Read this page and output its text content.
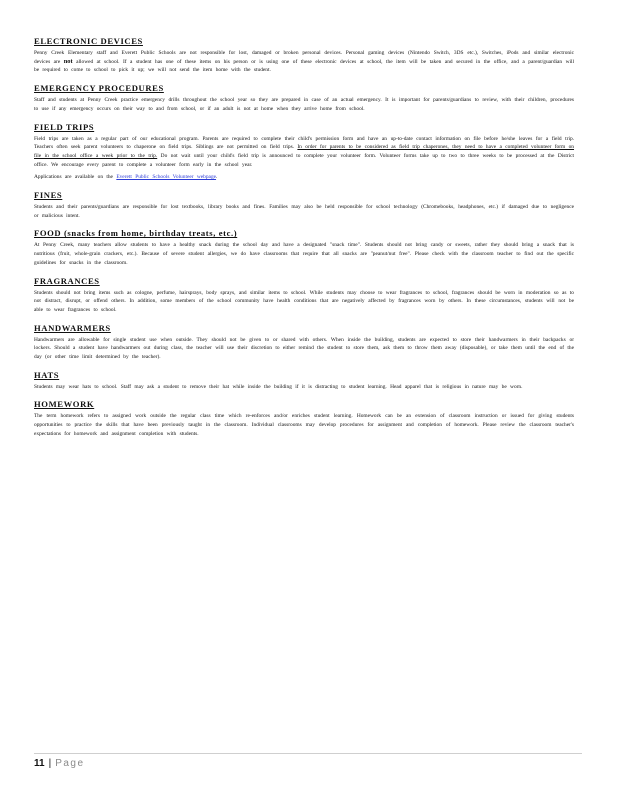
ELECTRONIC DEVICES

Penny Creek Elementary staff and Everett Public Schools are not responsible for lost, damaged or broken personal devices. Personal gaming devices (Nintendo Switch, 3DS etc.), Switches, iPods and similar electronic devices are not allowed at school. If a student has one of these items on his person or is using one of these electronic devices at school, the item will be taken and secured in the office, and a parent/guardian will be required to come to school to pick it up; we will not send the item home with the student.

EMERGENCY PROCEDURES

Staff and students at Penny Creek practice emergency drills throughout the school year so they are prepared in case of an actual emergency. It is important for parents/guardians to review, with their children, procedures to use if any emergency occurs on their way to and from school, or if an adult is not at home when they arrive home from school.

FIELD TRIPS

Field trips are taken as a regular part of our educational program. Parents are required to complete their child's permission form and have an up-to-date contact information on file before he/she leaves for a field trip. Teachers often seek parent volunteers to chaperone on field trips. Siblings are not permitted on field trips. In order for parents to be considered as field trip chaperones, they need to have a completed volunteer form on file in the school office a week prior to the trip. Do not wait until your child's field trip is announced to complete your volunteer form. Volunteer forms take up to two to three weeks to be processed at the District office. We encourage every parent to complete a volunteer form early in the school year.

Applications are available on the Everett Public Schools Volunteer webpage.

FINES

Students and their parents/guardians are responsible for lost textbooks, library books and fines. Families may also be held responsible for school technology (Chromebooks, headphones, etc.) if damaged due to negligence or malicious intent.

FOOD (snacks from home, birthday treats, etc.)

At Penny Creek, many teachers allow students to have a healthy snack during the school day and have a designated "snack time". Students should not bring candy or sweets, rather they should bring a snack that is nutritious (fruit, whole-grain crackers, etc.). Because of severe student allergies, we do have classrooms that require that all snacks are "peanut/nut free". Please check with the classroom teacher to find out the specific guidelines for snacks in the classroom.

FRAGRANCES

Students should not bring items such as cologne, perfume, hairsprays, body sprays, and similar items to school. While students may choose to wear fragrances to school, fragrances should be worn in moderation so as to not distract, disrupt, or offend others. In addition, some members of the school community have health conditions that are negatively affected by fragrances worn by others. In these circumstances, students will not be able to wear fragrances to school.

HANDWARMERS

Handwarmers are allowable for single student use when outside. They should not be given to or shared with others. When inside the building, students are expected to store their handwarmers in their backpacks or lockers. Should a student have handwarmers out during class, the teacher will use their discretion to either remind the student to store them, ask them to throw them away (disposable), or take them until the end of the day (or other time limit determined by the teacher).

HATS

Students may wear hats to school. Staff may ask a student to remove their hat while inside the building if it is distracting to student learning. Head apparel that is religious in nature may be worn.

HOMEWORK

The term homework refers to assigned work outside the regular class time which re-enforces and/or enriches student learning. Homework can be an extension of classroom instruction or issued for giving students opportunities to practice the skills that have been previously taught in the classroom. Individual classrooms may develop procedures for assignment and completion of homework. Please review the classroom teacher's expectations for homework and assignment completion with students.

11 | Page
